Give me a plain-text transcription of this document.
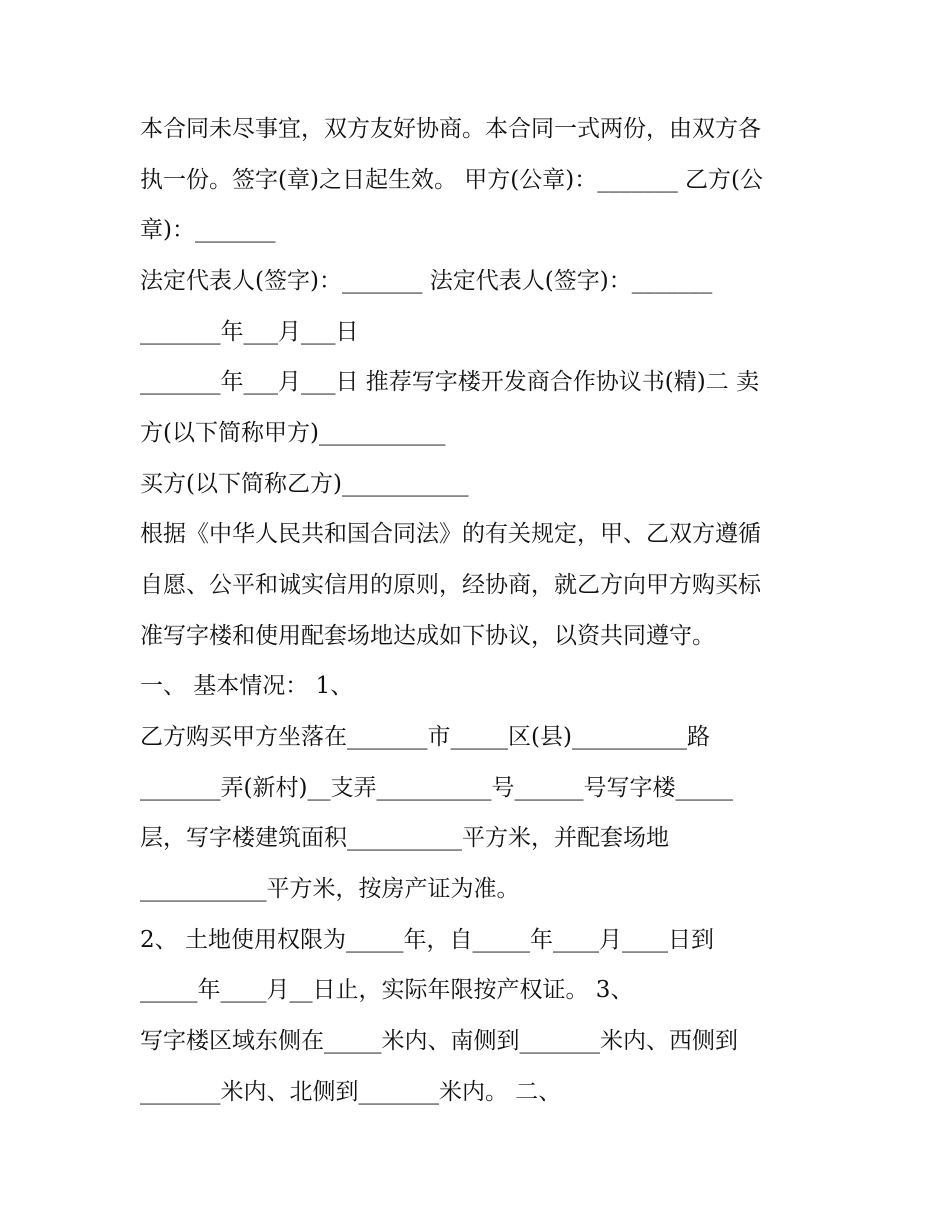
本合同未尽事宜，双方友好协商。本合同一式两份，由双方各
执一份。签字(章)之日起生效。 甲方(公章)：_______ 乙方(公
章)：_______
法定代表人(签字)：_______ 法定代表人(签字)：_______
_______年___月___日
_______年___月___日 推荐写字楼开发商合作协议书(精)二 卖
方(以下简称甲方)___________
买方(以下简称乙方)___________
根据《中华人民共和国合同法》的有关规定，甲、乙双方遵循
自愿、公平和诚实信用的原则，经协商，就乙方向甲方购买标
准写字楼和使用配套场地达成如下协议，以资共同遵守。
一、 基本情况： 1、
乙方购买甲方坐落在_______市_____区(县)__________路
_______弄(新村)__支弄__________号______号写字楼_____
层，写字楼建筑面积__________平方米，并配套场地
___________平方米，按房产证为准。
2、 土地使用权限为_____年，自_____年____月____日到
_____年____月__日止，实际年限按产权证。 3、
写字楼区域东侧在_____米内、南侧到_______米内、西侧到
_______米内、北侧到_______米内。 二、
